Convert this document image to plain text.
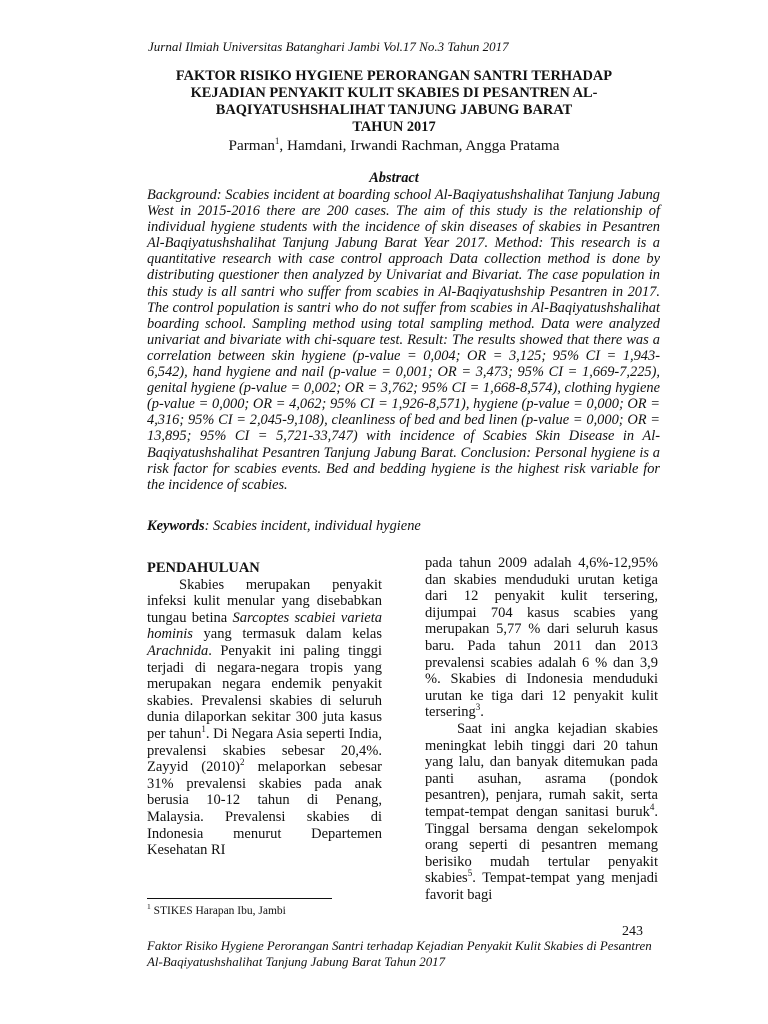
Jurnal Ilmiah Universitas Batanghari Jambi Vol.17 No.3 Tahun 2017
FAKTOR RISIKO HYGIENE PERORANGAN SANTRI TERHADAP
KEJADIAN PENYAKIT KULIT SKABIES DI PESANTREN AL-
BAQIYATUSHSHALIHAT TANJUNG JABUNG BARAT
TAHUN 2017
Parman$^1$, Hamdani, Irwandi Rachman, Angga Pratama
Abstract
Background: Scabies incident at boarding school Al-Baqiyatushshalihat Tanjung Jabung West in 2015-2016 there are 200 cases. The aim of this study is the relationship of individual hygiene students with the incidence of skin diseases of skabies in Pesantren Al-Baqiyatushshalihat Tanjung Jabung Barat Year 2017. Method: This research is a quantitative research with case control approach Data collection method is done by distributing questioner then analyzed by Univariat and Bivariat. The case population in this study is all santri who suffer from scabies in Al-Baqiyatushship Pesantren in 2017. The control population is santri who do not suffer from scabies in Al-Baqiyatushshalihat boarding school. Sampling method using total sampling method. Data were analyzed univariat and bivariate with chi-square test. Result: The results showed that there was a correlation between skin hygiene (p-value = 0,004; OR = 3,125; 95% CI = 1,943-6,542), hand hygiene and nail (p-value = 0,001; OR = 3,473; 95% CI = 1,669-7,225), genital hygiene (p-value = 0,002; OR = 3,762; 95% CI = 1,668-8,574), clothing hygiene (p-value = 0,000; OR = 4,062; 95% CI = 1,926-8,571), hygiene (p-value = 0,000; OR = 4,316; 95% CI = 2,045-9,108), cleanliness of bed and bed linen (p-value = 0,000; OR = 13,895; 95% CI = 5,721-33,747) with incidence of Scabies Skin Disease in Al-Baqiyatushshalihat Pesantren Tanjung Jabung Barat. Conclusion: Personal hygiene is a risk factor for scabies events. Bed and bedding hygiene is the highest risk variable for the incidence of scabies.
Keywords: Scabies incident, individual hygiene
PENDAHULUAN
Skabies merupakan penyakit infeksi kulit menular yang disebabkan tungau betina Sarcoptes scabiei varieta hominis yang termasuk dalam kelas Arachnida. Penyakit ini paling tinggi terjadi di negara-negara tropis yang merupakan negara endemik penyakit skabies. Prevalensi skabies di seluruh dunia dilaporkan sekitar 300 juta kasus per tahun$^1$. Di Negara Asia seperti India, prevalensi skabies sebesar 20,4%. Zayyid $(2010)^2$ melaporkan sebesar 31% prevalensi skabies pada anak berusia 10-12 tahun di Penang, Malaysia. Prevalensi skabies di Indonesia menurut Departemen Kesehatan RI
pada tahun 2009 adalah 4,6%-12,95% dan skabies menduduki urutan ketiga dari 12 penyakit kulit tersering, dijumpai 704 kasus scabies yang merupakan 5,77 % dari seluruh kasus baru. Pada tahun 2011 dan 2013 prevalensi scabies adalah 6 % dan 3,9 %. Skabies di Indonesia menduduki urutan ke tiga dari 12 penyakit kulit tersering$^3$.
Saat ini angka kejadian skabies meningkat lebih tinggi dari 20 tahun yang lalu, dan banyak ditemukan pada panti asuhan, asrama (pondok pesantren), penjara, rumah sakit, serta tempat-tempat dengan sanitasi buruk$^4$. Tinggal bersama dengan sekelompok orang seperti di pesantren memang berisiko mudah tertular penyakit skabies$^5$. Tempat-tempat yang menjadi favorit bagi
$^1$ STIKES Harapan Ibu, Jambi
243
Faktor Risiko Hygiene Perorangan Santri terhadap Kejadian Penyakit Kulit Skabies di Pesantren Al-Baqiyatushshalihat Tanjung Jabung Barat Tahun 2017
